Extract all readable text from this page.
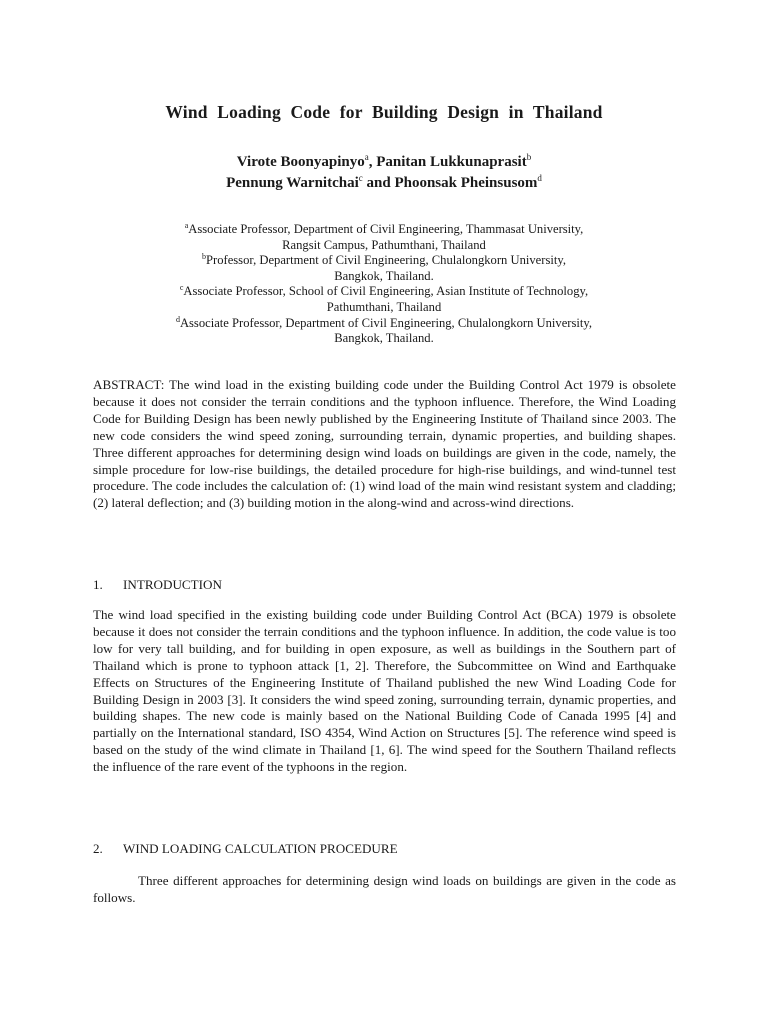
Wind Loading Code for Building Design in Thailand
Virote Boonyapinyo$^a$, Panitan Lukkunaprasit$^b$
Pennung Warnitchai$^c$ and Phoonsak Pheinsusom$^d$
$^a$Associate Professor, Department of Civil Engineering, Thammasat University,
Rangsit Campus, Pathumthani, Thailand
$^b$Professor, Department of Civil Engineering, Chulalongkorn University,
Bangkok, Thailand.
$^c$Associate Professor, School of Civil Engineering, Asian Institute of Technology,
Pathumthani, Thailand
$^d$Associate Professor, Department of Civil Engineering, Chulalongkorn University,
Bangkok, Thailand.
ABSTRACT: The wind load in the existing building code under the Building Control Act 1979 is obsolete because it does not consider the terrain conditions and the typhoon influence. Therefore, the Wind Loading Code for Building Design has been newly published by the Engineering Institute of Thailand since 2003. The new code considers the wind speed zoning, surrounding terrain, dynamic properties, and building shapes. Three different approaches for determining design wind loads on buildings are given in the code, namely, the simple procedure for low-rise buildings, the detailed procedure for high-rise buildings, and wind-tunnel test procedure. The code includes the calculation of: (1) wind load of the main wind resistant system and cladding; (2) lateral deflection; and (3) building motion in the along-wind and across-wind directions.
1. INTRODUCTION
The wind load specified in the existing building code under Building Control Act (BCA) 1979 is obsolete because it does not consider the terrain conditions and the typhoon influence. In addition, the code value is too low for very tall building, and for building in open exposure, as well as buildings in the Southern part of Thailand which is prone to typhoon attack [1, 2]. Therefore, the Subcommittee on Wind and Earthquake Effects on Structures of the Engineering Institute of Thailand published the new Wind Loading Code for Building Design in 2003 [3]. It considers the wind speed zoning, surrounding terrain, dynamic properties, and building shapes. The new code is mainly based on the National Building Code of Canada 1995 [4] and partially on the International standard, ISO 4354, Wind Action on Structures [5]. The reference wind speed is based on the study of the wind climate in Thailand [1, 6]. The wind speed for the Southern Thailand reflects the influence of the rare event of the typhoons in the region.
2. WIND LOADING CALCULATION PROCEDURE
Three different approaches for determining design wind loads on buildings are given in the code as follows.
